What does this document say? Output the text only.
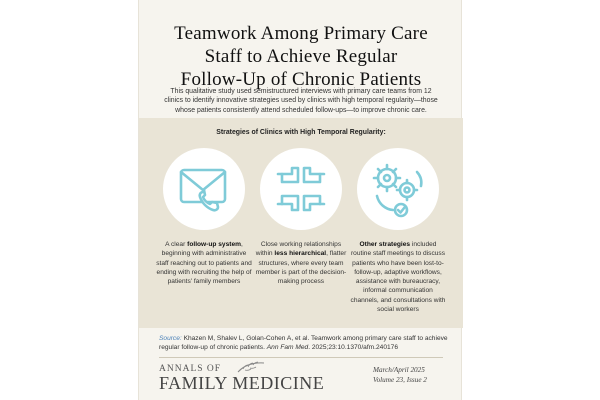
Teamwork Among Primary Care
Staff to Achieve Regular
Follow-Up of Chronic Patients
This qualitative study used semistructured interviews with primary care teams from 12
clinics to identify innovative strategies used by clinics with high temporal regularity—those
whose patients consistently attend scheduled follow-ups—to improve chronic care.
Strategies of Clinics with High Temporal Regularity:
A clear follow-up system, beginning with administrative staff reaching out to patients and ending with recruiting the help of patients' family members
Close working relationships within less hierarchical, flatter structures, where every team member is part of the decision-making process
Other strategies included routine staff meetings to discuss patients who have been lost-to-follow-up, adaptive workflows, assistance with bureaucracy, informal communication channels, and consultations with social workers
Source: Khazen M, Shalev L, Golan-Cohen A, et al. Teamwork among primary care staff to achieve regular follow-up of chronic patients. Ann Fam Med. 2025;23:10.1370/afm.240176
ANNALS OF
FAMILY MEDICINE
March/April 2025
Volume 23, Issue 2
